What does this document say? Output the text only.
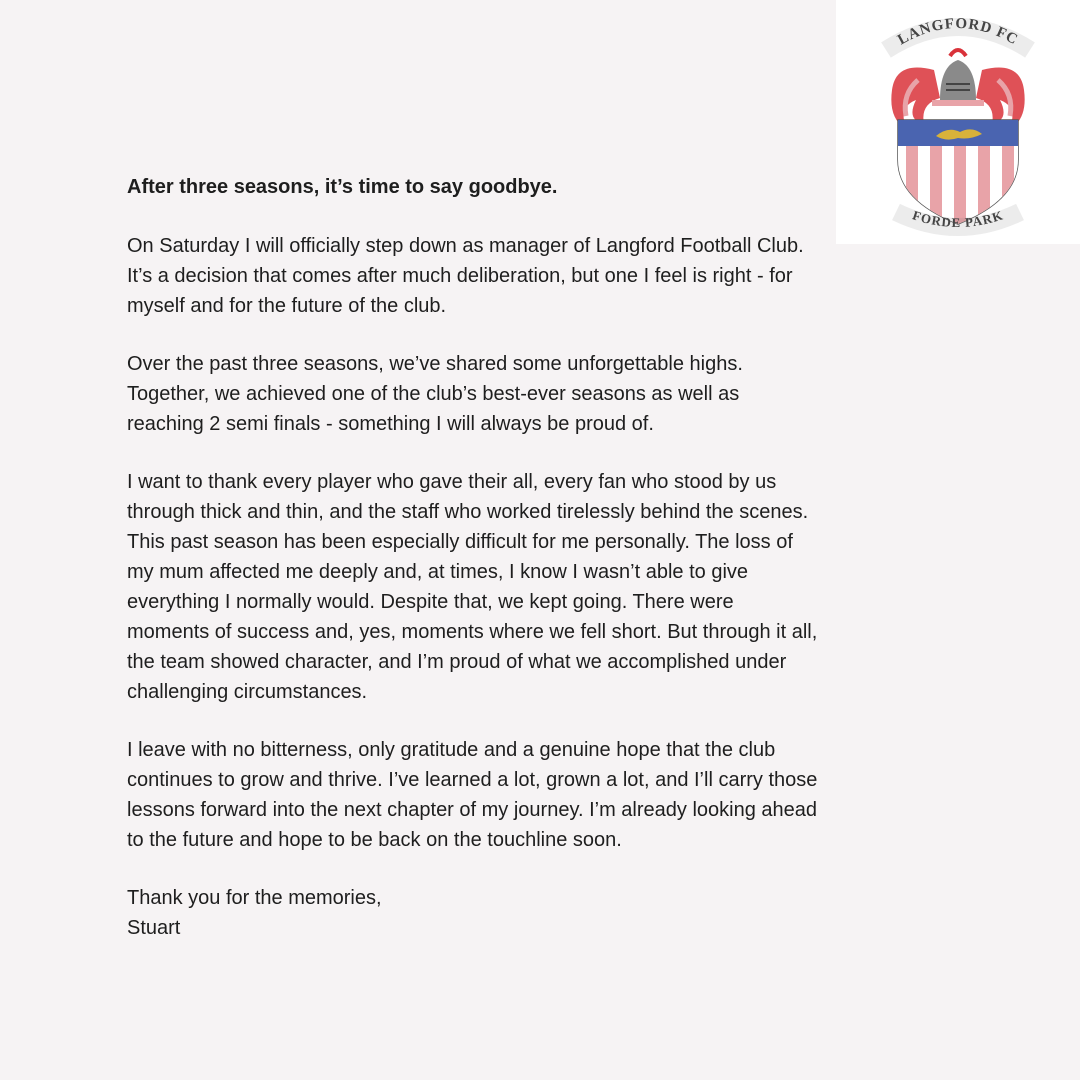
LANGFORD FC
FORDE PARK

After three seasons, it’s time to say goodbye.

On Saturday I will officially step down as manager of Langford Football Club.
It’s a decision that comes after much deliberation, but one I feel is right - for
myself and for the future of the club.

Over the past three seasons, we’ve shared some unforgettable highs.
Together, we achieved one of the club’s best-ever seasons as well as
reaching 2 semi finals - something I will always be proud of.

I want to thank every player who gave their all, every fan who stood by us
through thick and thin, and the staff who worked tirelessly behind the scenes.
This past season has been especially difficult for me personally. The loss of
my mum affected me deeply and, at times, I know I wasn’t able to give
everything I normally would. Despite that, we kept going. There were
moments of success and, yes, moments where we fell short. But through it all,
the team showed character, and I’m proud of what we accomplished under
challenging circumstances.

I leave with no bitterness, only gratitude and a genuine hope that the club
continues to grow and thrive. I’ve learned a lot, grown a lot, and I’ll carry those
lessons forward into the next chapter of my journey. I’m already looking ahead
to the future and hope to be back on the touchline soon.

Thank you for the memories,
Stuart
